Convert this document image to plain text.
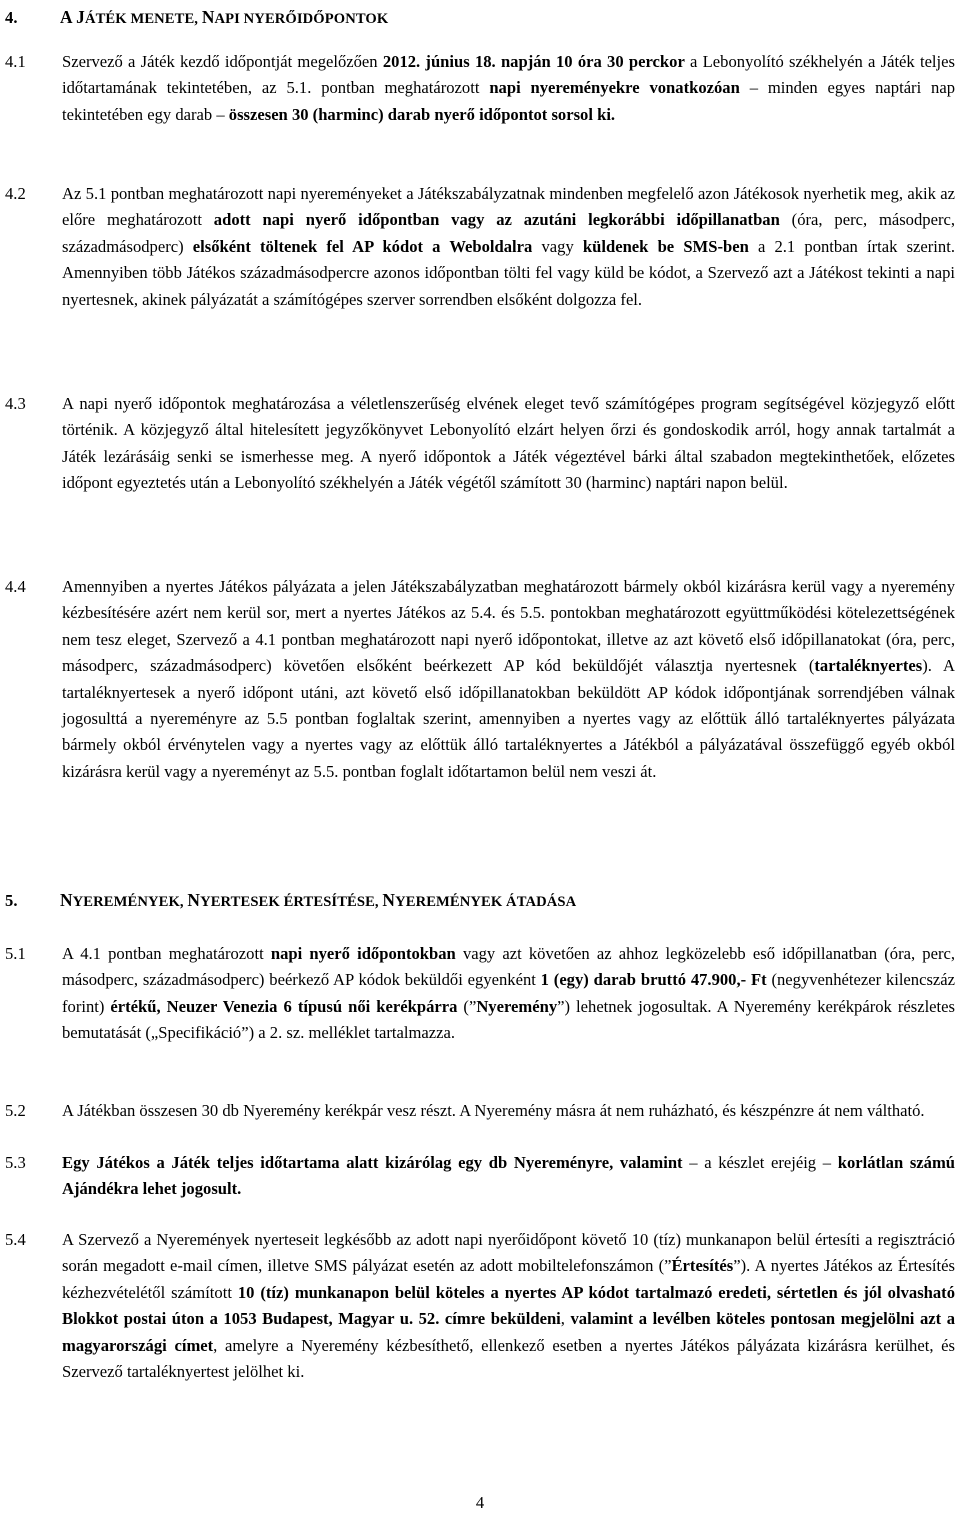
4. A JÁTÉK MENETE, NAPI NYERŐIDŐPONTOK
4.1 Szervező a Játék kezdő időpontját megelőzően 2012. június 18. napján 10 óra 30 perckor a Lebonyolító székhelyén a Játék teljes időtartamának tekintetében, az 5.1. pontban meghatározott napi nyereményekre vonatkozóan – minden egyes naptári nap tekintetében egy darab – összesen 30 (harminc) darab nyerő időpontot sorsol ki.
4.2 Az 5.1 pontban meghatározott napi nyereményeket a Játékszabályzatnak mindenben megfelelő azon Játékosok nyerhetik meg, akik az előre meghatározott adott napi nyerő időpontban vagy az azutáni legkorábbi időpillanatban (óra, perc, másodperc, századmásodperc) elsőként töltenek fel AP kódot a Weboldalra vagy küldenek be SMS-ben a 2.1 pontban írtak szerint. Amennyiben több Játékos századmásodpercre azonos időpontban tölti fel vagy küld be kódot, a Szervező azt a Játékost tekinti a napi nyertesnek, akinek pályázatát a számítógépes szerver sorrendben elsőként dolgozza fel.
4.3 A napi nyerő időpontok meghatározása a véletlenszerűség elvének eleget tevő számítógépes program segítségével közjegyző előtt történik. A közjegyző által hitelesített jegyzőkönyvet Lebonyolító elzárt helyen őrzi és gondoskodik arról, hogy annak tartalmát a Játék lezárásáig senki se ismerhesse meg. A nyerő időpontok a Játék végeztével bárki által szabadon megtekinthetőek, előzetes időpont egyeztetés után a Lebonyolító székhelyén a Játék végétől számított 30 (harminc) naptári napon belül.
4.4 Amennyiben a nyertes Játékos pályázata a jelen Játékszabályzatban meghatározott bármely okból kizárásra kerül vagy a nyeremény kézbesítésére azért nem kerül sor, mert a nyertes Játékos az 5.4. és 5.5. pontokban meghatározott együttműködési kötelezettségének nem tesz eleget, Szervező a 4.1 pontban meghatározott napi nyerő időpontokat, illetve az azt követő első időpillanatokat (óra, perc, másodperc, századmásodperc) követően elsőként beérkezett AP kód beküldőjét választja nyertesnek (tartaléknyertes). A tartaléknyertesek a nyerő időpont utáni, azt követő első időpillanatokban beküldött AP kódok időpontjának sorrendjében válnak jogosulttá a nyereményre az 5.5 pontban foglaltak szerint, amennyiben a nyertes vagy az előttük álló tartaléknyertes pályázata bármely okból érvénytelen vagy a nyertes vagy az előttük álló tartaléknyertes a Játékból a pályázatával összefüggő egyéb okból kizárásra kerül vagy a nyereményt az 5.5. pontban foglalt időtartamon belül nem veszi át.
5. NYEREMÉNYEK, NYERTESEK ÉRTESÍTÉSE, NYEREMÉNYEK ÁTADÁSA
5.1 A 4.1 pontban meghatározott napi nyerő időpontokban vagy azt követően az ahhoz legközelebb eső időpillanatban (óra, perc, másodperc, századmásodperc) beérkező AP kódok beküldői egyenként 1 (egy) darab bruttó 47.900,- Ft (negyvenhétezer kilencszáz forint) értékű, Neuzer Venezia 6 típusú női kerékpárra (”Nyeremény”) lehetnek jogosultak. A Nyeremény kerékpárok részletes bemutatását („Specifikáció”) a 2. sz. melléklet tartalmazza.
5.2 A Játékban összesen 30 db Nyeremény kerékpár vesz részt. A Nyeremény másra át nem ruházható, és készpénzre át nem váltható.
5.3 Egy Játékos a Játék teljes időtartama alatt kizárólag egy db Nyereményre, valamint – a készlet erejéig – korlátlan számú Ajándékra lehet jogosult.
5.4 A Szervező a Nyeremények nyerteseit legkésőbb az adott napi nyerőidőpont követő 10 (tíz) munkanapon belül értesíti a regisztráció során megadott e-mail címen, illetve SMS pályázat esetén az adott mobiltelefonszámon (”Értesítés”). A nyertes Játékos az Értesítés kézhezvételétől számított 10 (tíz) munkanapon belül köteles a nyertes AP kódot tartalmazó eredeti, sértetlen és jól olvasható Blokkot postai úton a 1053 Budapest, Magyar u. 52. címre beküldeni, valamint a levélben köteles pontosan megjelölni azt a magyarországi címet, amelyre a Nyeremény kézbesíthető, ellenkező esetben a nyertes Játékos pályázata kizárásra kerülhet, és Szervező tartaléknyertest jelölhet ki.
4
